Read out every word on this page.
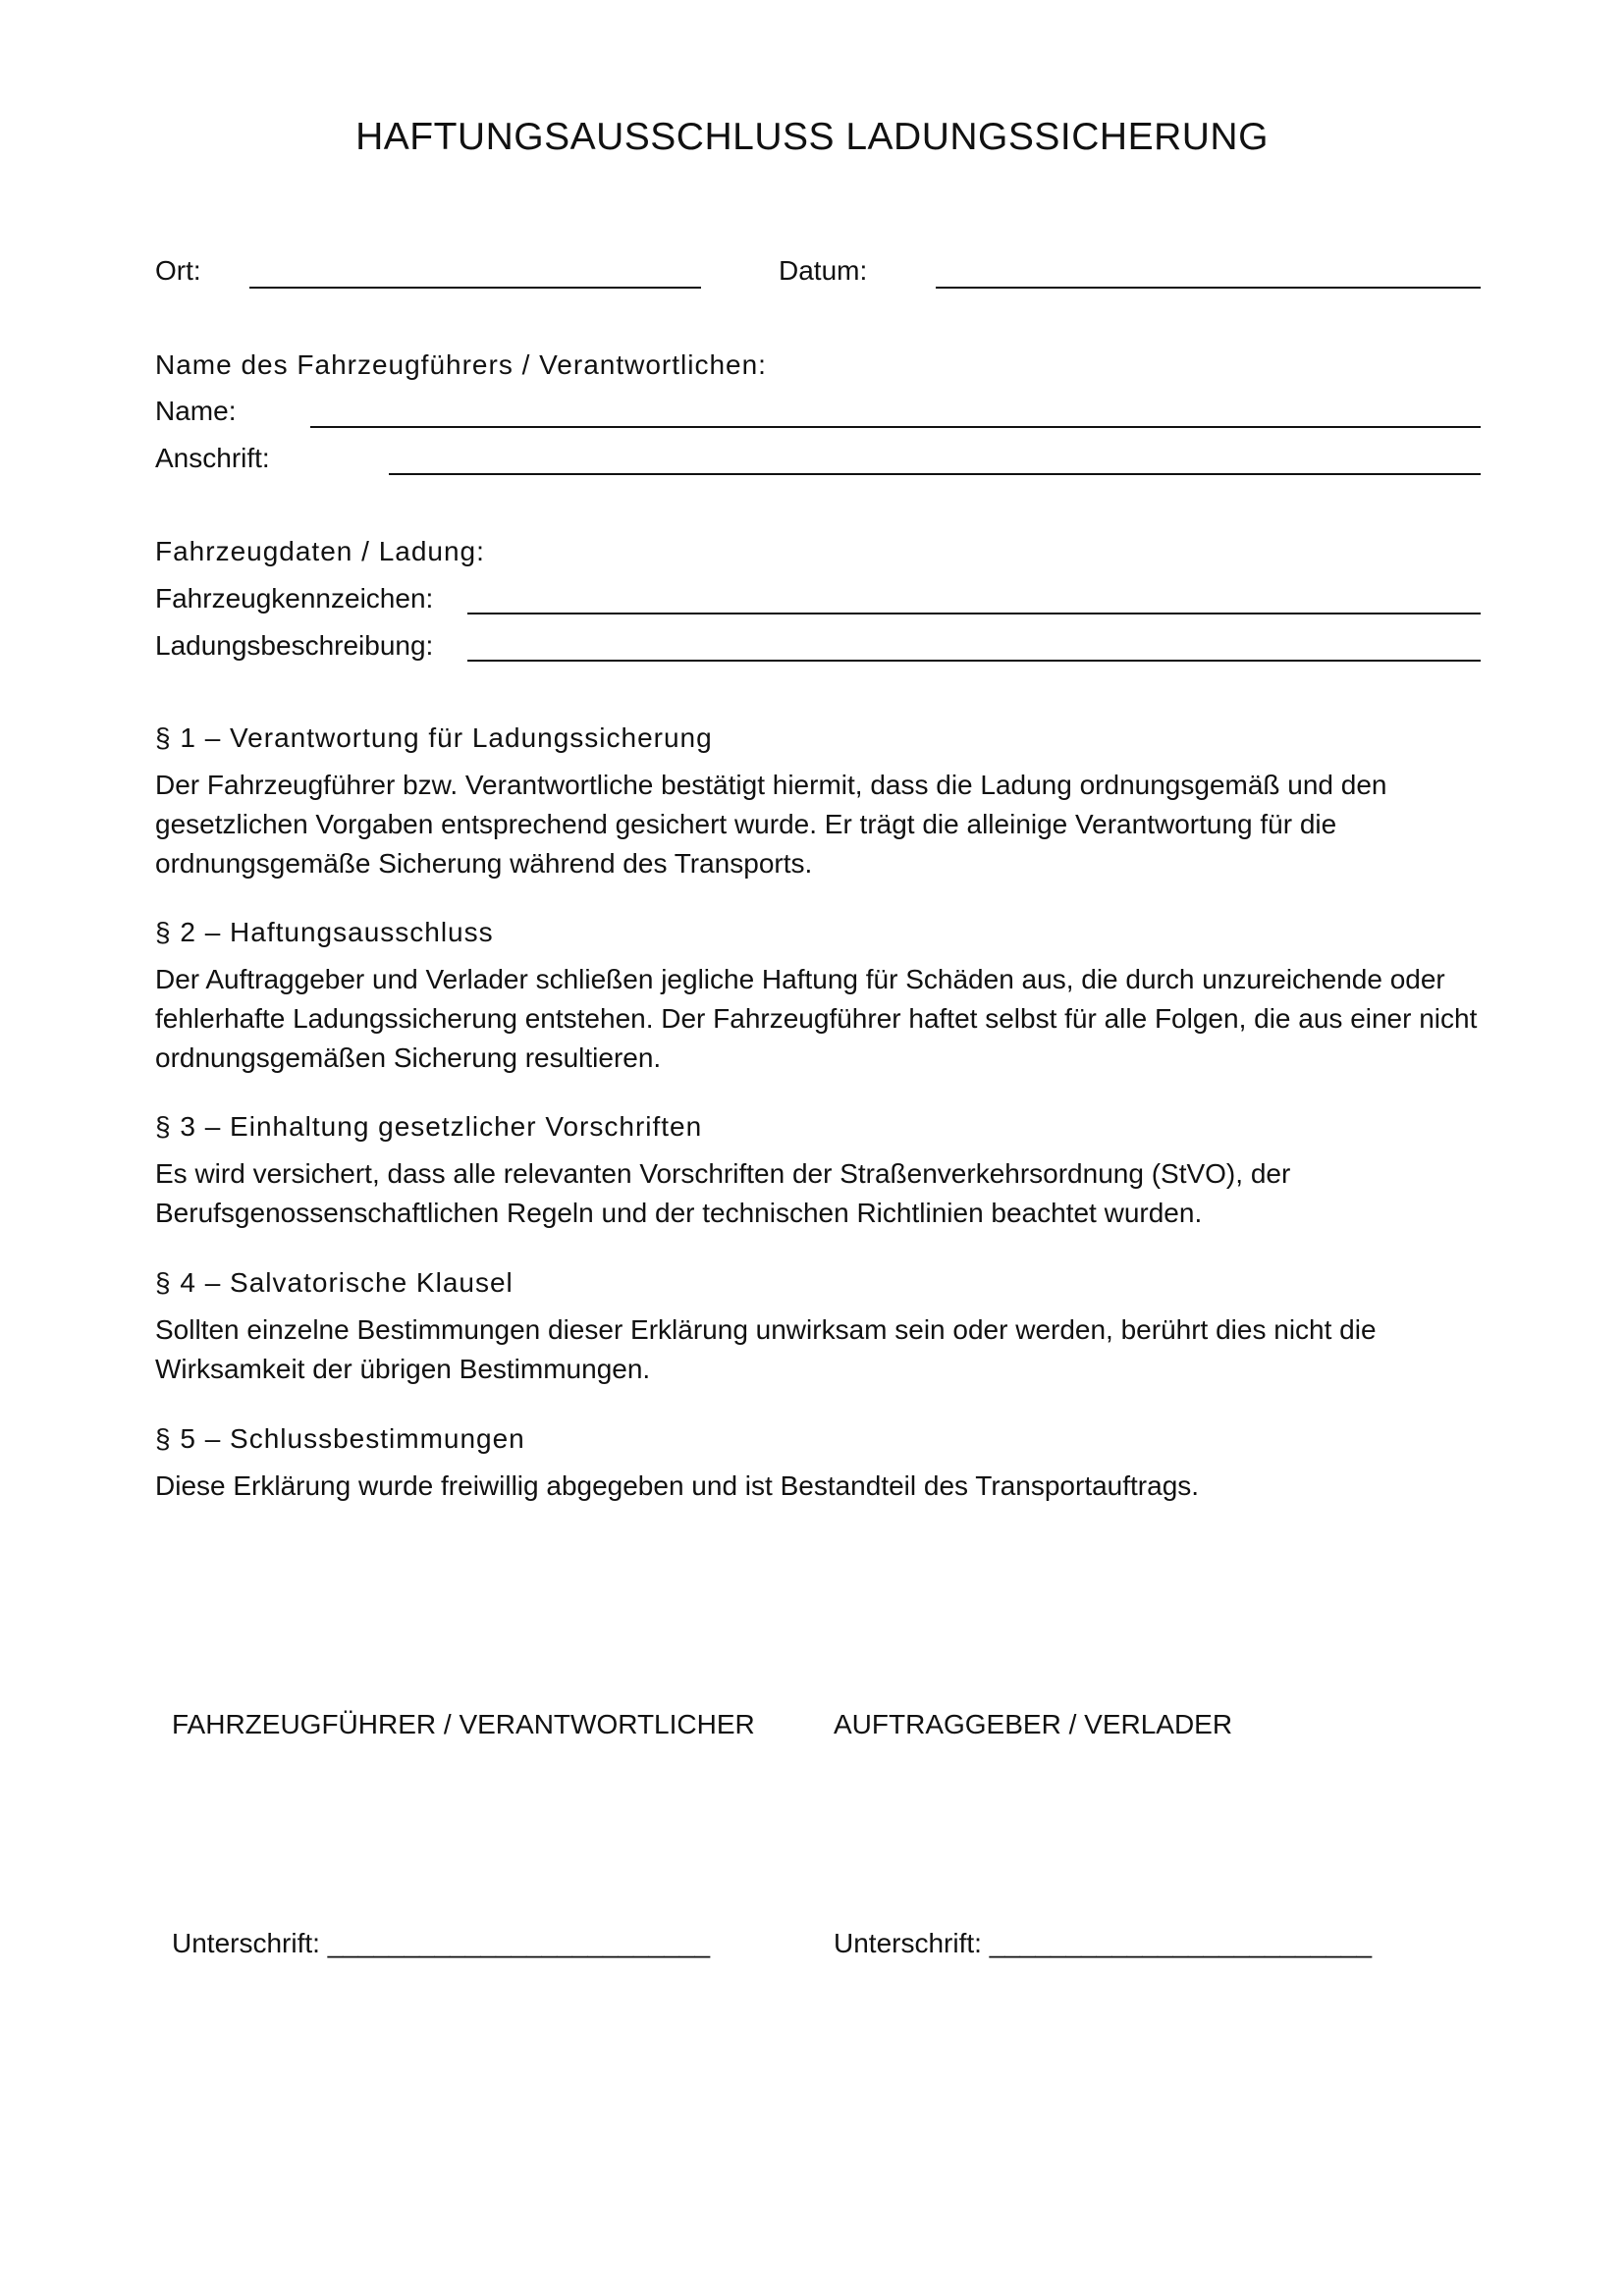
HAFTUNGSAUSSCHLUSS LADUNGSSICHERUNG
Ort:	Datum:
Name des Fahrzeugführers / Verantwortlichen:
Name:
Anschrift:
Fahrzeugdaten / Ladung:
Fahrzeugkennzeichen:
Ladungsbeschreibung:
§ 1 – Verantwortung für Ladungssicherung
Der Fahrzeugführer bzw. Verantwortliche bestätigt hiermit, dass die Ladung ordnungsgemäß und den gesetzlichen Vorgaben entsprechend gesichert wurde. Er trägt die alleinige Verantwortung für die ordnungsgemäße Sicherung während des Transports.
§ 2 – Haftungsausschluss
Der Auftraggeber und Verlader schließen jegliche Haftung für Schäden aus, die durch unzureichende oder fehlerhafte Ladungssicherung entstehen. Der Fahrzeugführer haftet selbst für alle Folgen, die aus einer nicht ordnungsgemäßen Sicherung resultieren.
§ 3 – Einhaltung gesetzlicher Vorschriften
Es wird versichert, dass alle relevanten Vorschriften der Straßenverkehrsordnung (StVO), der Berufsgenossenschaftlichen Regeln und der technischen Richtlinien beachtet wurden.
§ 4 – Salvatorische Klausel
Sollten einzelne Bestimmungen dieser Erklärung unwirksam sein oder werden, berührt dies nicht die Wirksamkeit der übrigen Bestimmungen.
§ 5 – Schlussbestimmungen
Diese Erklärung wurde freiwillig abgegeben und ist Bestandteil des Transportauftrags.
FAHRZEUGFÜHRER / VERANTWORTLICHER	AUFTRAGGEBER / VERLADER
Unterschrift: _________________________	Unterschrift: _________________________
